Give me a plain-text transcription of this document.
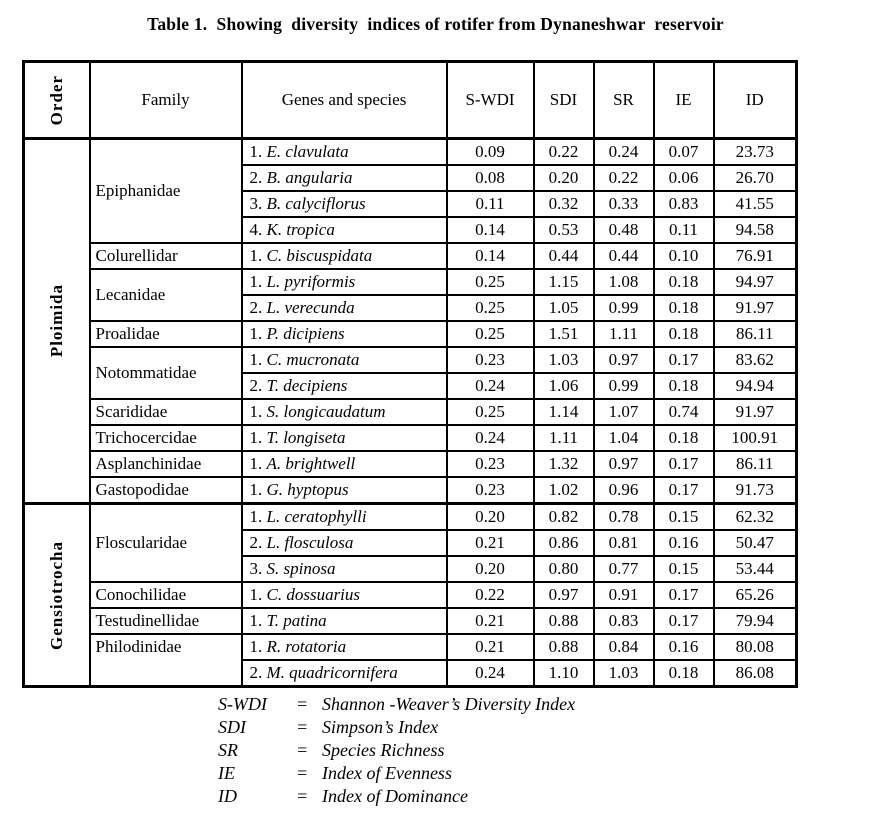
Table 1.  Showing  diversity  indices of rotifer from Dynaneshwar  reservoir
Order	Family	Genes and species	S-WDI	SDI	SR	IE	ID

Ploimida	Epiphanidae	1. E. clavulata	0.09	0.22	0.24	0.07	23.73
		2. B. angularia	0.08	0.20	0.22	0.06	26.70
		3. B. calyciflorus	0.11	0.32	0.33	0.83	41.55
		4. K. tropica	0.14	0.53	0.48	0.11	94.58
	Colurellidar	1. C. biscuspidata	0.14	0.44	0.44	0.10	76.91
	Lecanidae	1. L. pyriformis	0.25	1.15	1.08	0.18	94.97
		2. L. verecunda	0.25	1.05	0.99	0.18	91.97
	Proalidae	1. P. dicipiens	0.25	1.51	1.11	0.18	86.11
	Notommatidae	1. C. mucronata	0.23	1.03	0.97	0.17	83.62
		2. T. decipiens	0.24	1.06	0.99	0.18	94.94
	Scarididae	1. S. longicaudatum	0.25	1.14	1.07	0.74	91.97
	Trichocercidae	1. T. longiseta	0.24	1.11	1.04	0.18	100.91
	Asplanchinidae	1. A. brightwell	0.23	1.32	0.97	0.17	86.11
	Gastopodidae	1. G. hyptopus	0.23	1.02	0.96	0.17	91.73

Gensiotrocha	Floscularidae	1. L. ceratophylli	0.20	0.82	0.78	0.15	62.32
		2. L. flosculosa	0.21	0.86	0.81	0.16	50.47
		3. S. spinosa	0.20	0.80	0.77	0.15	53.44
	Conochilidae	1. C. dossuarius	0.22	0.97	0.91	0.17	65.26
	Testudinellidae	1. T. patina	0.21	0.88	0.83	0.17	79.94
	Philodinidae	1. R. rotatoria	0.21	0.88	0.84	0.16	80.08
		2. M. quadricornifera	0.24	1.10	1.03	0.18	86.08
S-WDI	= Shannon -Weaver’s Diversity Index
SDI	= Simpson’s Index
SR	= Species Richness
IE	= Index of Evenness
ID	= Index of Dominance
